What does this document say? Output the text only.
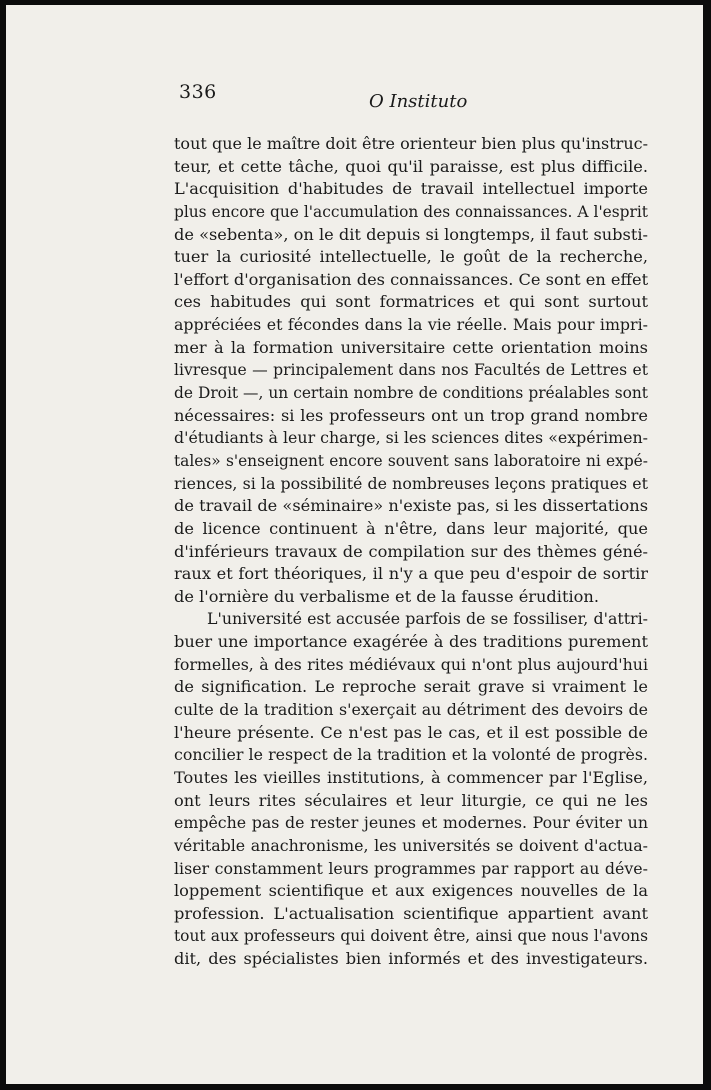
336	O Instituto
tout que le maître doit être orienteur bien plus qu'instruc-
teur, et cette tâche, quoi qu'il paraisse, est plus difficile.
L'acquisition d'habitudes de travail intellectuel importe
plus encore que l'accumulation des connaissances. A l'esprit
de «sebenta», on le dit depuis si longtemps, il faut substi-
tuer la curiosité intellectuelle, le goût de la recherche,
l'effort d'organisation des connaissances. Ce sont en effet
ces habitudes qui sont formatrices et qui sont surtout
appréciées et fécondes dans la vie réelle. Mais pour impri-
mer à la formation universitaire cette orientation moins
livresque — principalement dans nos Facultés de Lettres et
de Droit —, un certain nombre de conditions préalables sont
nécessaires: si les professeurs ont un trop grand nombre
d'étudiants à leur charge, si les sciences dites «expérimen-
tales» s'enseignent encore souvent sans laboratoire ni expé-
riences, si la possibilité de nombreuses leçons pratiques et
de travail de «séminaire» n'existe pas, si les dissertations
de licence continuent à n'être, dans leur majorité, que
d'inférieurs travaux de compilation sur des thèmes géné-
raux et fort théoriques, il n'y a que peu d'espoir de sortir
de l'ornière du verbalisme et de la fausse érudition.
L'université est accusée parfois de se fossiliser, d'attri-
buer une importance exagérée à des traditions purement
formelles, à des rites médiévaux qui n'ont plus aujourd'hui
de signification. Le reproche serait grave si vraiment le
culte de la tradition s'exerçait au détriment des devoirs de
l'heure présente. Ce n'est pas le cas, et il est possible de
concilier le respect de la tradition et la volonté de progrès.
Toutes les vieilles institutions, à commencer par l'Eglise,
ont leurs rites séculaires et leur liturgie, ce qui ne les
empêche pas de rester jeunes et modernes. Pour éviter un
véritable anachronisme, les universités se doivent d'actua-
liser constamment leurs programmes par rapport au déve-
loppement scientifique et aux exigences nouvelles de la
profession. L'actualisation scientifique appartient avant
tout aux professeurs qui doivent être, ainsi que nous l'avons
dit, des spécialistes bien informés et des investigateurs.
